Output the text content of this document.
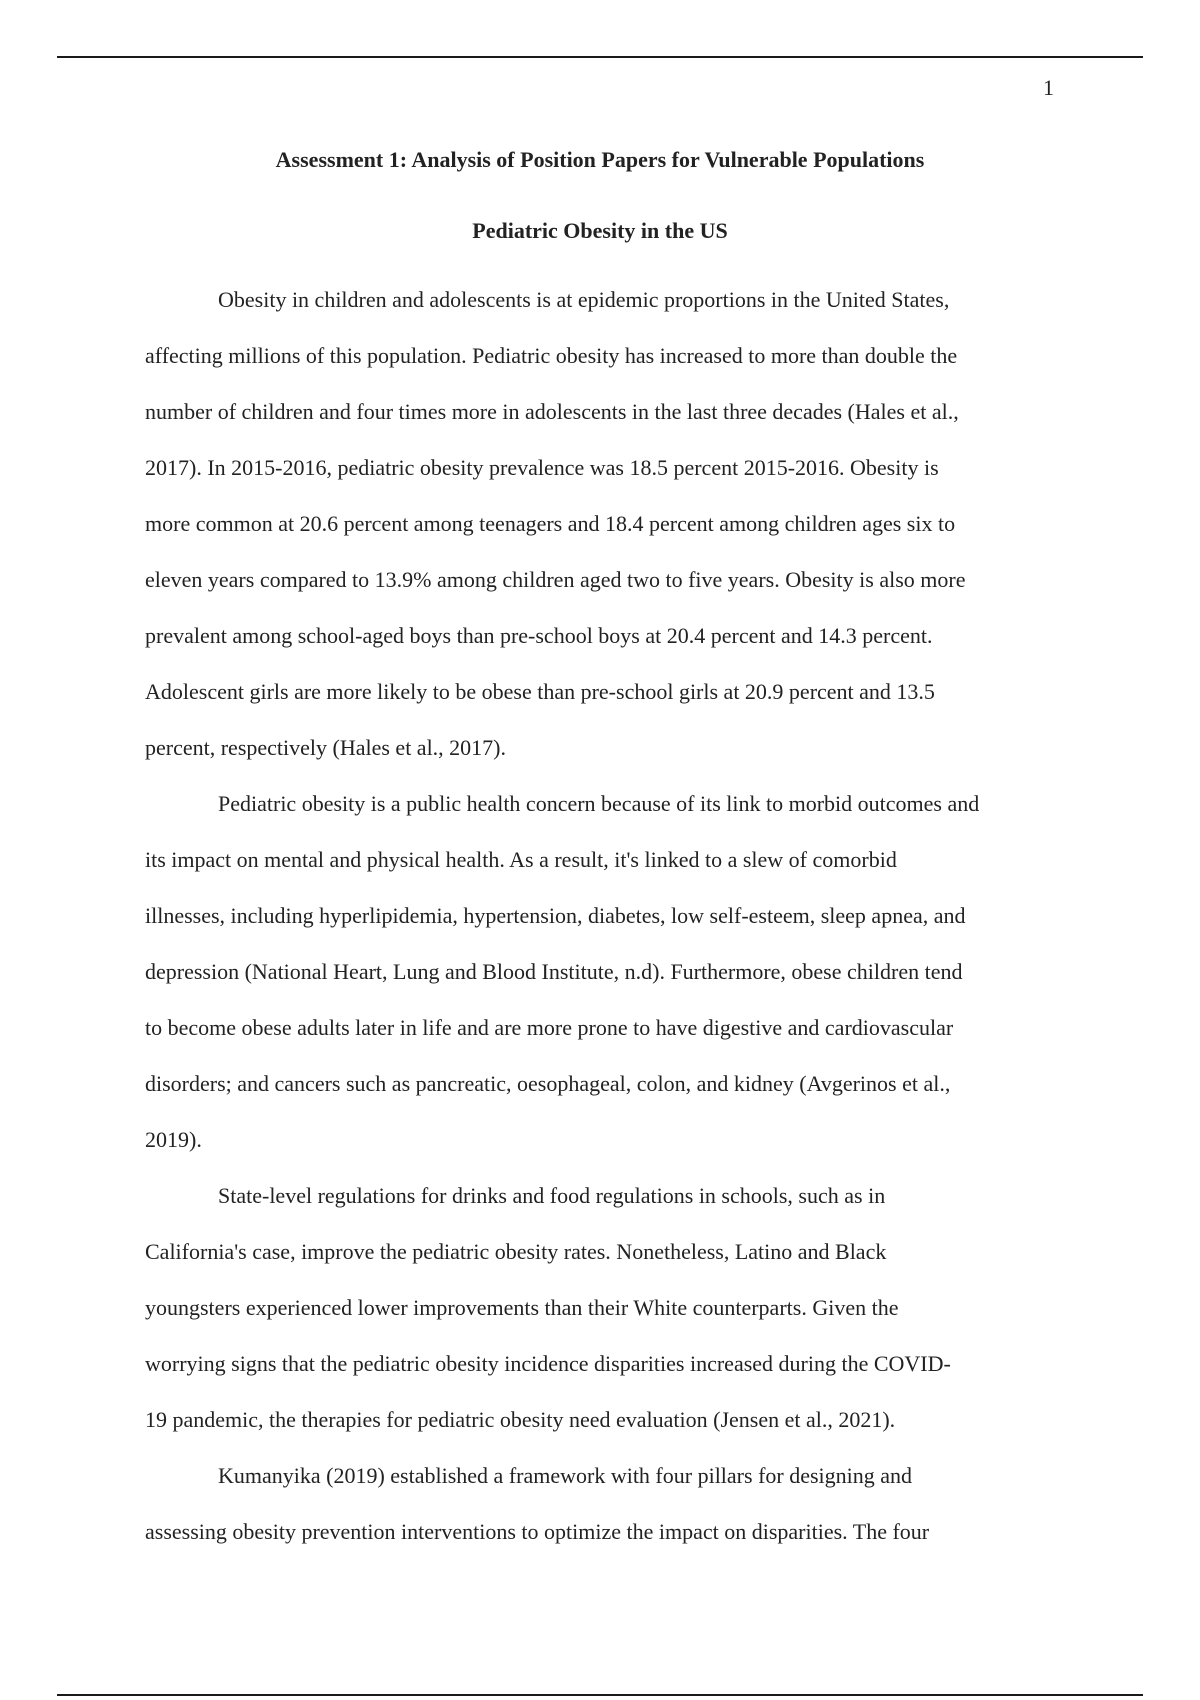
1
Assessment 1: Analysis of Position Papers for Vulnerable Populations
Pediatric Obesity in the US
Obesity in children and adolescents is at epidemic proportions in the United States,
affecting millions of this population. Pediatric obesity has increased to more than double the
number of children and four times more in adolescents in the last three decades (Hales et al.,
2017). In 2015-2016, pediatric obesity prevalence was 18.5 percent 2015-2016. Obesity is
more common at 20.6 percent among teenagers and 18.4 percent among children ages six to
eleven years compared to 13.9% among children aged two to five years. Obesity is also more
prevalent among school-aged boys than pre-school boys at 20.4 percent and 14.3 percent.
Adolescent girls are more likely to be obese than pre-school girls at 20.9 percent and 13.5
percent, respectively (Hales et al., 2017).
Pediatric obesity is a public health concern because of its link to morbid outcomes and
its impact on mental and physical health. As a result, it's linked to a slew of comorbid
illnesses, including hyperlipidemia, hypertension, diabetes, low self-esteem, sleep apnea, and
depression (National Heart, Lung and Blood Institute, n.d). Furthermore, obese children tend
to become obese adults later in life and are more prone to have digestive and cardiovascular
disorders; and cancers such as pancreatic, oesophageal, colon, and kidney (Avgerinos et al.,
2019).
State-level regulations for drinks and food regulations in schools, such as in
California's case, improve the pediatric obesity rates. Nonetheless, Latino and Black
youngsters experienced lower improvements than their White counterparts. Given the
worrying signs that the pediatric obesity incidence disparities increased during the COVID-
19 pandemic, the therapies for pediatric obesity need evaluation (Jensen et al., 2021).
Kumanyika (2019) established a framework with four pillars for designing and
assessing obesity prevention interventions to optimize the impact on disparities. The four
